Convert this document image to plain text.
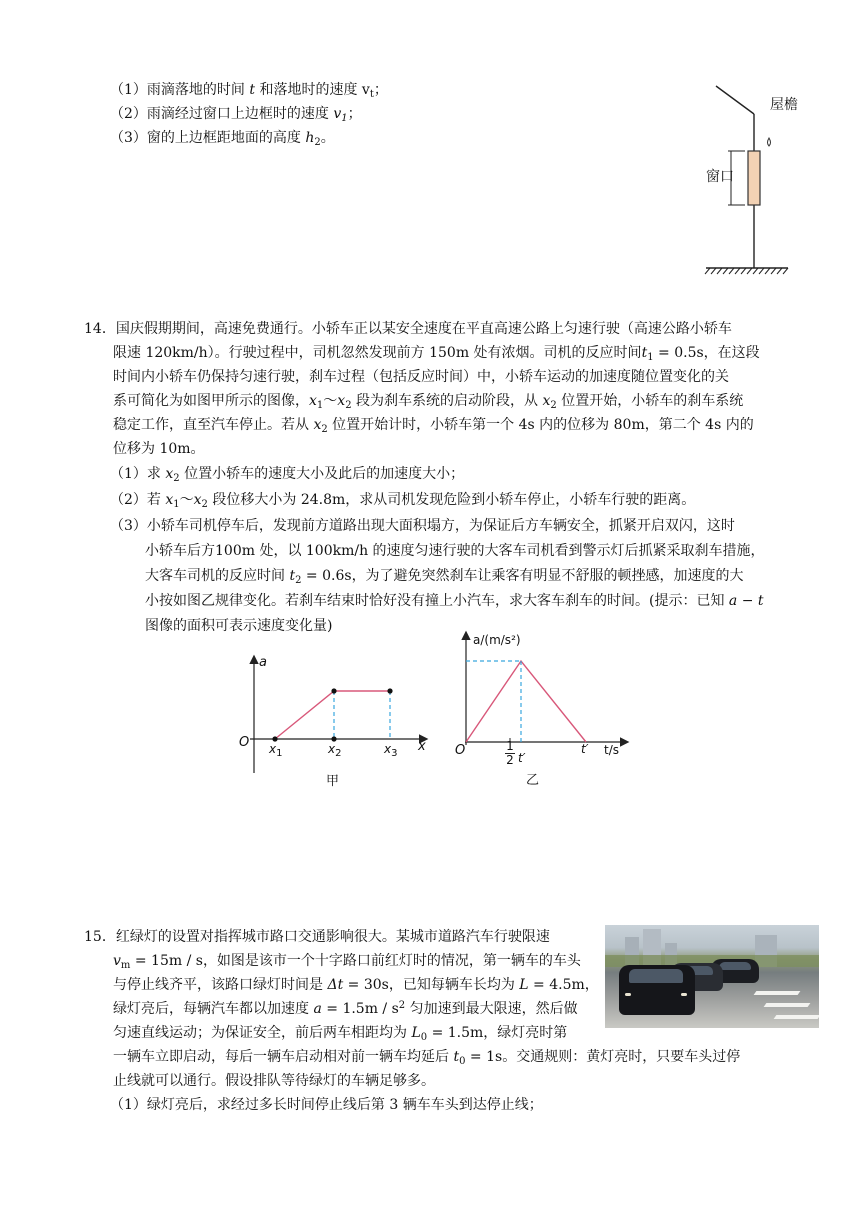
（1）雨滴落地的时间 t 和落地时的速度 $v_t$；
（2）雨滴经过窗口上边框时的速度 $v_1$；
（3）窗的上边框距地面的高度 $h_2$。
屋檐
窗口
14．国庆假期期间，高速免费通行。小轿车正以某安全速度在平直高速公路上匀速行驶（高速公路小轿车
限速 120km/h）。行驶过程中，司机忽然发现前方 150m 处有浓烟。司机的反应时间$t_1 = 0.5s$，在这段
时间内小轿车仍保持匀速行驶，刹车过程（包括反应时间）中，小轿车运动的加速度随位置变化的关
系可简化为如图甲所示的图像，$x_1\sim x_2$ 段为刹车系统的启动阶段，从 $x_2$ 位置开始，小轿车的刹车系统
稳定工作，直至汽车停止。若从 $x_2$ 位置开始计时，小轿车第一个 4s 内的位移为 80m，第二个 4s 内的
位移为 10m。
（1）求 $x_2$ 位置小轿车的速度大小及此后的加速度大小；
（2）若 $x_1\sim x_2$ 段位移大小为 24.8m，求从司机发现危险到小轿车停止，小轿车行驶的距离。
（3）小轿车司机停车后，发现前方道路出现大面积塌方，为保证后方车辆安全，抓紧开启双闪，这时
小轿车后方100m 处，以 100km/h 的速度匀速行驶的大客车司机看到警示灯后抓紧采取刹车措施，
大客车司机的反应时间 $t_2 = 0.6s$，为了避免突然刹车让乘客有明显不舒服的顿挫感，加速度的大
小按如图乙规律变化。若刹车结束时恰好没有撞上小汽车，求大客车刹车的时间。(提示：已知 a − t
图像的面积可表示速度变化量)
a
O	x
$x_1$	$x_2$	$x_3$
甲
a/(m/s²)
O	t/s
1
2 t′
t′
乙
15．红绿灯的设置对指挥城市路口交通影响很大。某城市道路汽车行驶限速
$v_m = 15m / s$，如图是该市一个十字路口前红灯时的情况，第一辆车的车头
与停止线齐平，该路口绿灯时间是 Δt = 30s，已知每辆车长均为 L = 4.5m，
绿灯亮后，每辆汽车都以加速度 $a = 1.5m / s^2$ 匀加速到最大限速，然后做
匀速直线运动；为保证安全，前后两车相距均为 $L_0 = 1.5m$，绿灯亮时第
一辆车立即启动，每后一辆车启动相对前一辆车均延后 $t_0 = 1s$。交通规则：黄灯亮时，只要车头过停
止线就可以通行。假设排队等待绿灯的车辆足够多。
（1）绿灯亮后，求经过多长时间停止线后第 3 辆车车头到达停止线；
